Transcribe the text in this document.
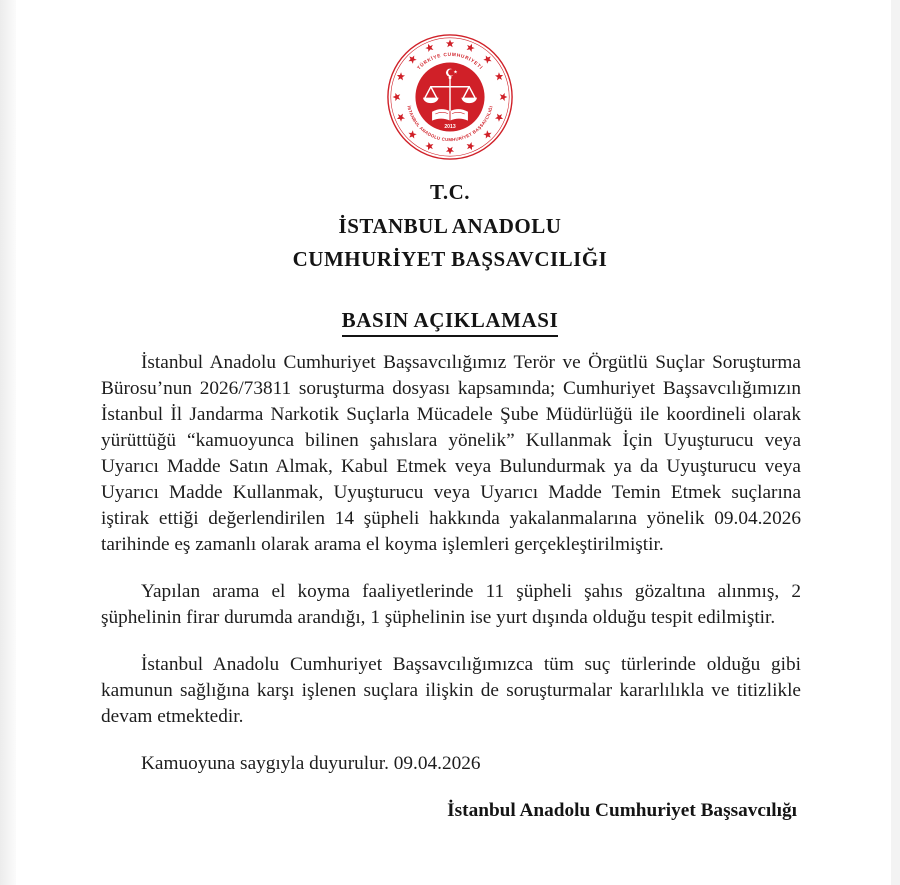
TÜRKİYE CUMHURİYETİ
İSTANBUL ANADOLU CUMHURİYET BAŞSAVCILIĞI
2013
T.C.
İSTANBUL ANADOLU
CUMHURİYET BAŞSAVCILIĞI
BASIN AÇIKLAMASI

İstanbul Anadolu Cumhuriyet Başsavcılığımız Terör ve Örgütlü Suçlar Soruşturma Bürosu’nun 2026/73811 soruşturma dosyası kapsamında; Cumhuriyet Başsavcılığımızın İstanbul İl Jandarma Narkotik Suçlarla Mücadele Şube Müdürlüğü ile koordineli olarak yürüttüğü “kamuoyunca bilinen şahıslara yönelik” Kullanmak İçin Uyuşturucu veya Uyarıcı Madde Satın Almak, Kabul Etmek veya Bulundurmak ya da Uyuşturucu veya Uyarıcı Madde Kullanmak, Uyuşturucu veya Uyarıcı Madde Temin Etmek suçlarına iştirak ettiği değerlendirilen 14 şüpheli hakkında yakalanmalarına yönelik 09.04.2026 tarihinde eş zamanlı olarak arama el koyma işlemleri gerçekleştirilmiştir.

Yapılan arama el koyma faaliyetlerinde 11 şüpheli şahıs gözaltına alınmış, 2 şüphelinin firar durumda arandığı, 1 şüphelinin ise yurt dışında olduğu tespit edilmiştir.

İstanbul Anadolu Cumhuriyet Başsavcılığımızca tüm suç türlerinde olduğu gibi kamunun sağlığına karşı işlenen suçlara ilişkin de soruşturmalar kararlılıkla ve titizlikle devam etmektedir.

Kamuoyuna saygıyla duyurulur. 09.04.2026

İstanbul Anadolu Cumhuriyet Başsavcılığı
